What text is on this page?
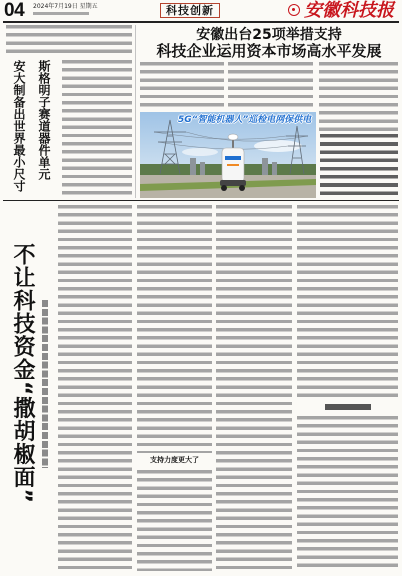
04 2024年7月19日 星期五	科技创新	安徽科技报
斯格明子赛道器件单元
安大制备出世界最小尺寸
安徽出台25项举措支持
科技企业运用资本市场高水平发展
5G“智能机器人”巡检电网保供电
不让科技资金“撒胡椒面”	支持力度更大了
